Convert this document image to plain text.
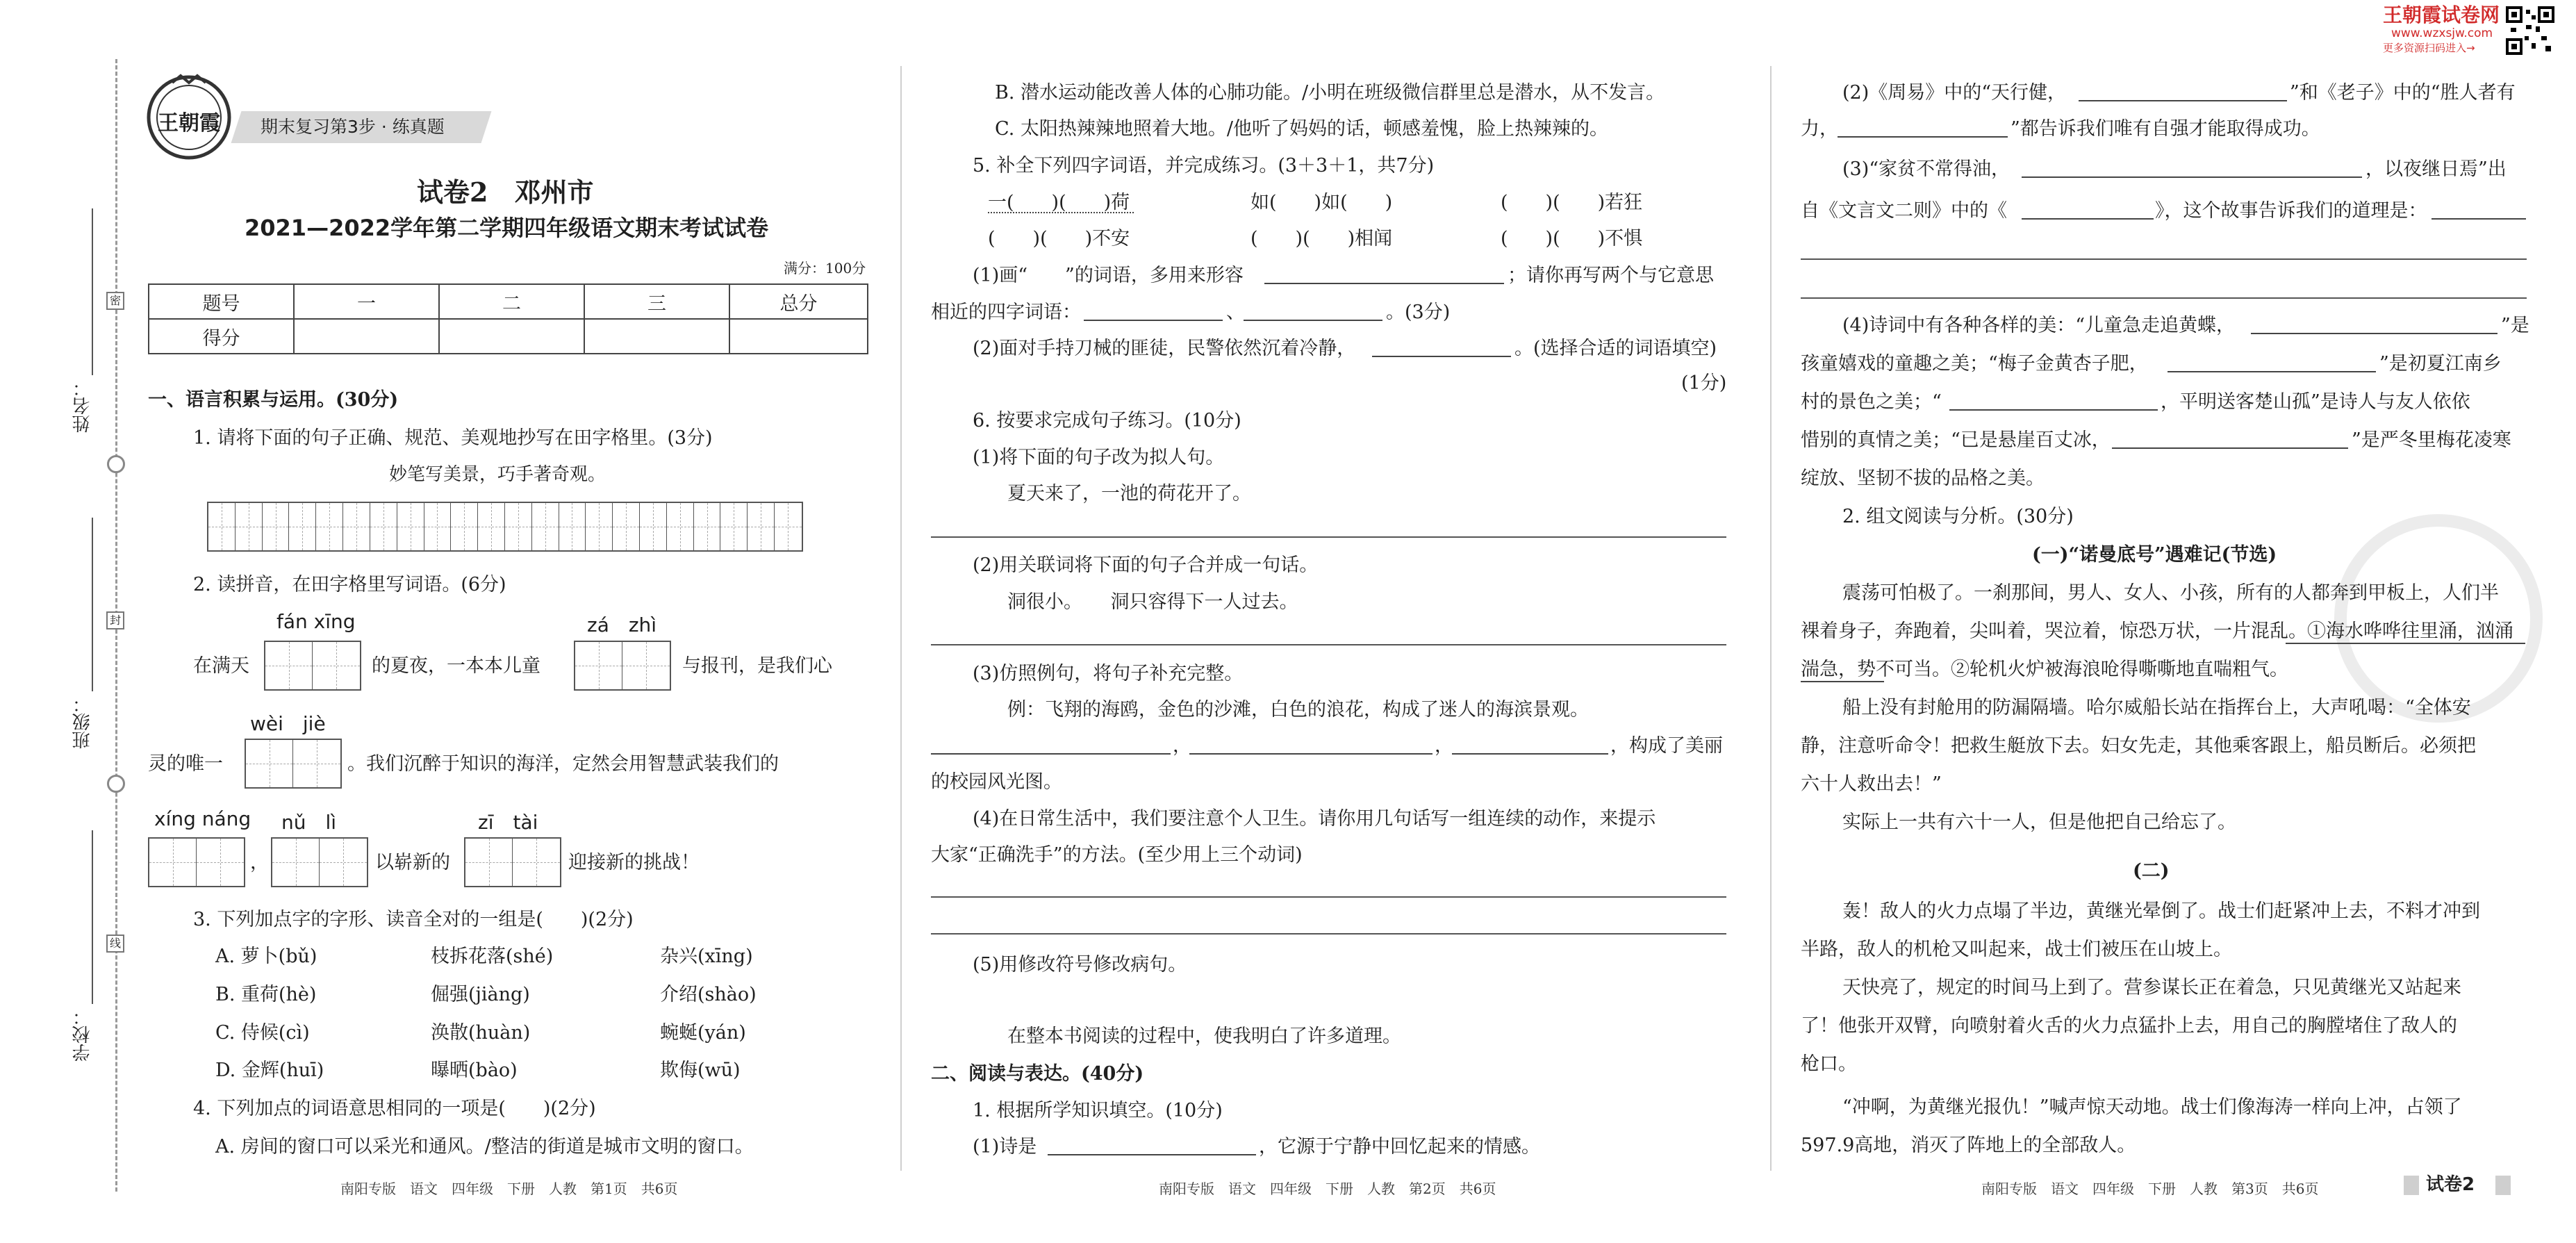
密
封
线
姓名：
班级：
学校：
王朝霞 期末复习第3步 · 练真题
王朝霞试卷网
www.wzxsjw.com
更多资源扫码进入→
试卷2　邓州市
2021—2022学年第二学期四年级语文期末考试试卷
满分：100分
题号	一	二	三	总分
得分				
一、语言积累与运用。(30分)
1. 请将下面的句子正确、规范、美观地抄写在田字格里。(3分)
妙笔写美景，巧手著奇观。
2. 读拼音，在田字格里写词语。(6分)
fán xīng	zá　zhì
在满天	的夏夜，一本本儿童	与报刊，是我们心
wèi　jiè
灵的唯一	。我们沉醉于知识的海洋，定然会用智慧武装我们的
xíng náng nǔ　lì	zī　tài
，	以崭新的	迎接新的挑战！
3. 下列加点字的字形、读音全对的一组是(　　)(2分)
A. 萝卜(bǔ)	枝拆花落(shé)	杂兴(xīng)
B. 重荷(hè)	倔强(jiàng)	介绍(shào)
C. 侍候(cì)	涣散(huàn)	蜿蜒(yán)
D. 金辉(huī)	曝晒(bào)	欺侮(wū)
4. 下列加点的词语意思相同的一项是(　　)(2分)
A. 房间的窗口可以采光和通风。/整洁的街道是城市文明的窗口。
南阳专版　语文　四年级　下册　人教　第1页　共6页
B. 潜水运动能改善人体的心肺功能。/小明在班级微信群里总是潜水，从不发言。
C. 太阳热辣辣地照着大地。/他听了妈妈的话，顿感羞愧，脸上热辣辣的。
5. 补全下列四字词语，并完成练习。(3＋3＋1，共7分)
一(　　)(　　)荷	如(　　)如(　　)	(　　)(　　)若狂
(　　)(　　)不安	(　　)(　　)相闻	(　　)(　　)不惧
(1)画“　　”的词语，多用来形容	；请你再写两个与它意思
相近的四字词语：	、	。(3分)
(2)面对手持刀械的匪徒，民警依然沉着冷静，	。(选择合适的词语填空)
(1分)
6. 按要求完成句子练习。(10分)
(1)将下面的句子改为拟人句。
夏天来了，一池的荷花开了。
(2)用关联词将下面的句子合并成一句话。
洞很小。　　洞只容得下一人过去。
(3)仿照例句，将句子补充完整。
例：飞翔的海鸥，金色的沙滩，白色的浪花，构成了迷人的海滨景观。
，	，	，构成了美丽
的校园风光图。
(4)在日常生活中，我们要注意个人卫生。请你用几句话写一组连续的动作，来提示
大家“正确洗手”的方法。(至少用上三个动词)
(5)用修改符号修改病句。
在整本书阅读的过程中，使我明白了许多道理。
二、阅读与表达。(40分)
1. 根据所学知识填空。(10分)
(1)诗是	，它源于宁静中回忆起来的情感。
南阳专版　语文　四年级　下册　人教　第2页　共6页
(2)《周易》中的“天行健，	”和《老子》中的“胜人者有
力，	”都告诉我们唯有自强才能取得成功。
(3)“家贫不常得油，	，以夜继日焉”出
自《文言文二则》中的《	》，这个故事告诉我们的道理是：
(4)诗词中有各种各样的美：“儿童急走追黄蝶，	”是
孩童嬉戏的童趣之美；“梅子金黄杏子肥，	”是初夏江南乡
村的景色之美；“	，平明送客楚山孤”是诗人与友人依依
惜别的真情之美；“已是悬崖百丈冰，	”是严冬里梅花凌寒
绽放、坚韧不拔的品格之美。
2. 组文阅读与分析。(30分)
(一)“诺曼底号”遇难记(节选)
震荡可怕极了。一刹那间，男人、女人、小孩，所有的人都奔到甲板上，人们半
裸着身子，奔跑着，尖叫着，哭泣着，惊恐万状，一片混乱。①海水哗哗往里涌，汹涌
湍急，势不可当。②轮机火炉被海浪呛得嘶嘶地直喘粗气。
船上没有封舱用的防漏隔墙。哈尔威船长站在指挥台上，大声吼喝：“全体安
静，注意听命令！把救生艇放下去。妇女先走，其他乘客跟上，船员断后。必须把
六十人救出去！”
实际上一共有六十一人，但是他把自己给忘了。
(二)
轰！敌人的火力点塌了半边，黄继光晕倒了。战士们赶紧冲上去，不料才冲到
半路，敌人的机枪又叫起来，战士们被压在山坡上。
天快亮了，规定的时间马上到了。营参谋长正在着急，只见黄继光又站起来
了！他张开双臂，向喷射着火舌的火力点猛扑上去，用自己的胸膛堵住了敌人的
枪口。
“冲啊，为黄继光报仇！”喊声惊天动地。战士们像海涛一样向上冲，占领了
597.9高地，消灭了阵地上的全部敌人。
南阳专版　语文　四年级　下册　人教　第3页　共6页	试卷2
